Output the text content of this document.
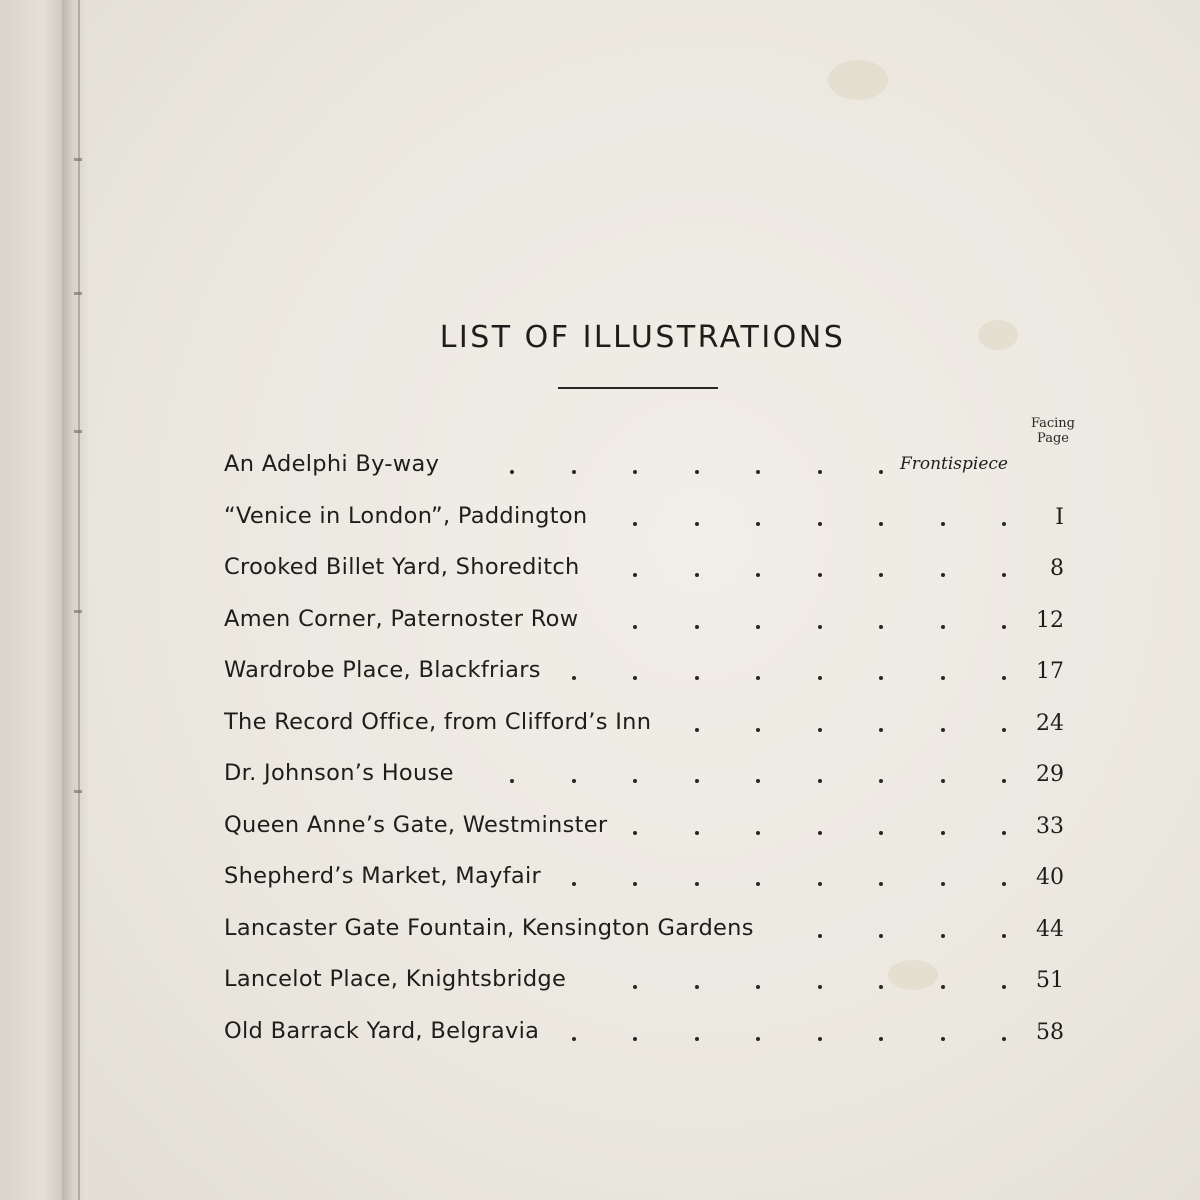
LIST OF ILLUSTRATIONS
Facing
Page
An Adelphi By-way	Frontispiece
“Venice in London”, Paddington	I
Crooked Billet Yard, Shoreditch	8
Amen Corner, Paternoster Row	12
Wardrobe Place, Blackfriars	17
The Record Office, from Clifford’s Inn	24
Dr. Johnson’s House	29
Queen Anne’s Gate, Westminster	33
Shepherd’s Market, Mayfair	40
Lancaster Gate Fountain, Kensington Gardens	44
Lancelot Place, Knightsbridge	51
Old Barrack Yard, Belgravia	58
